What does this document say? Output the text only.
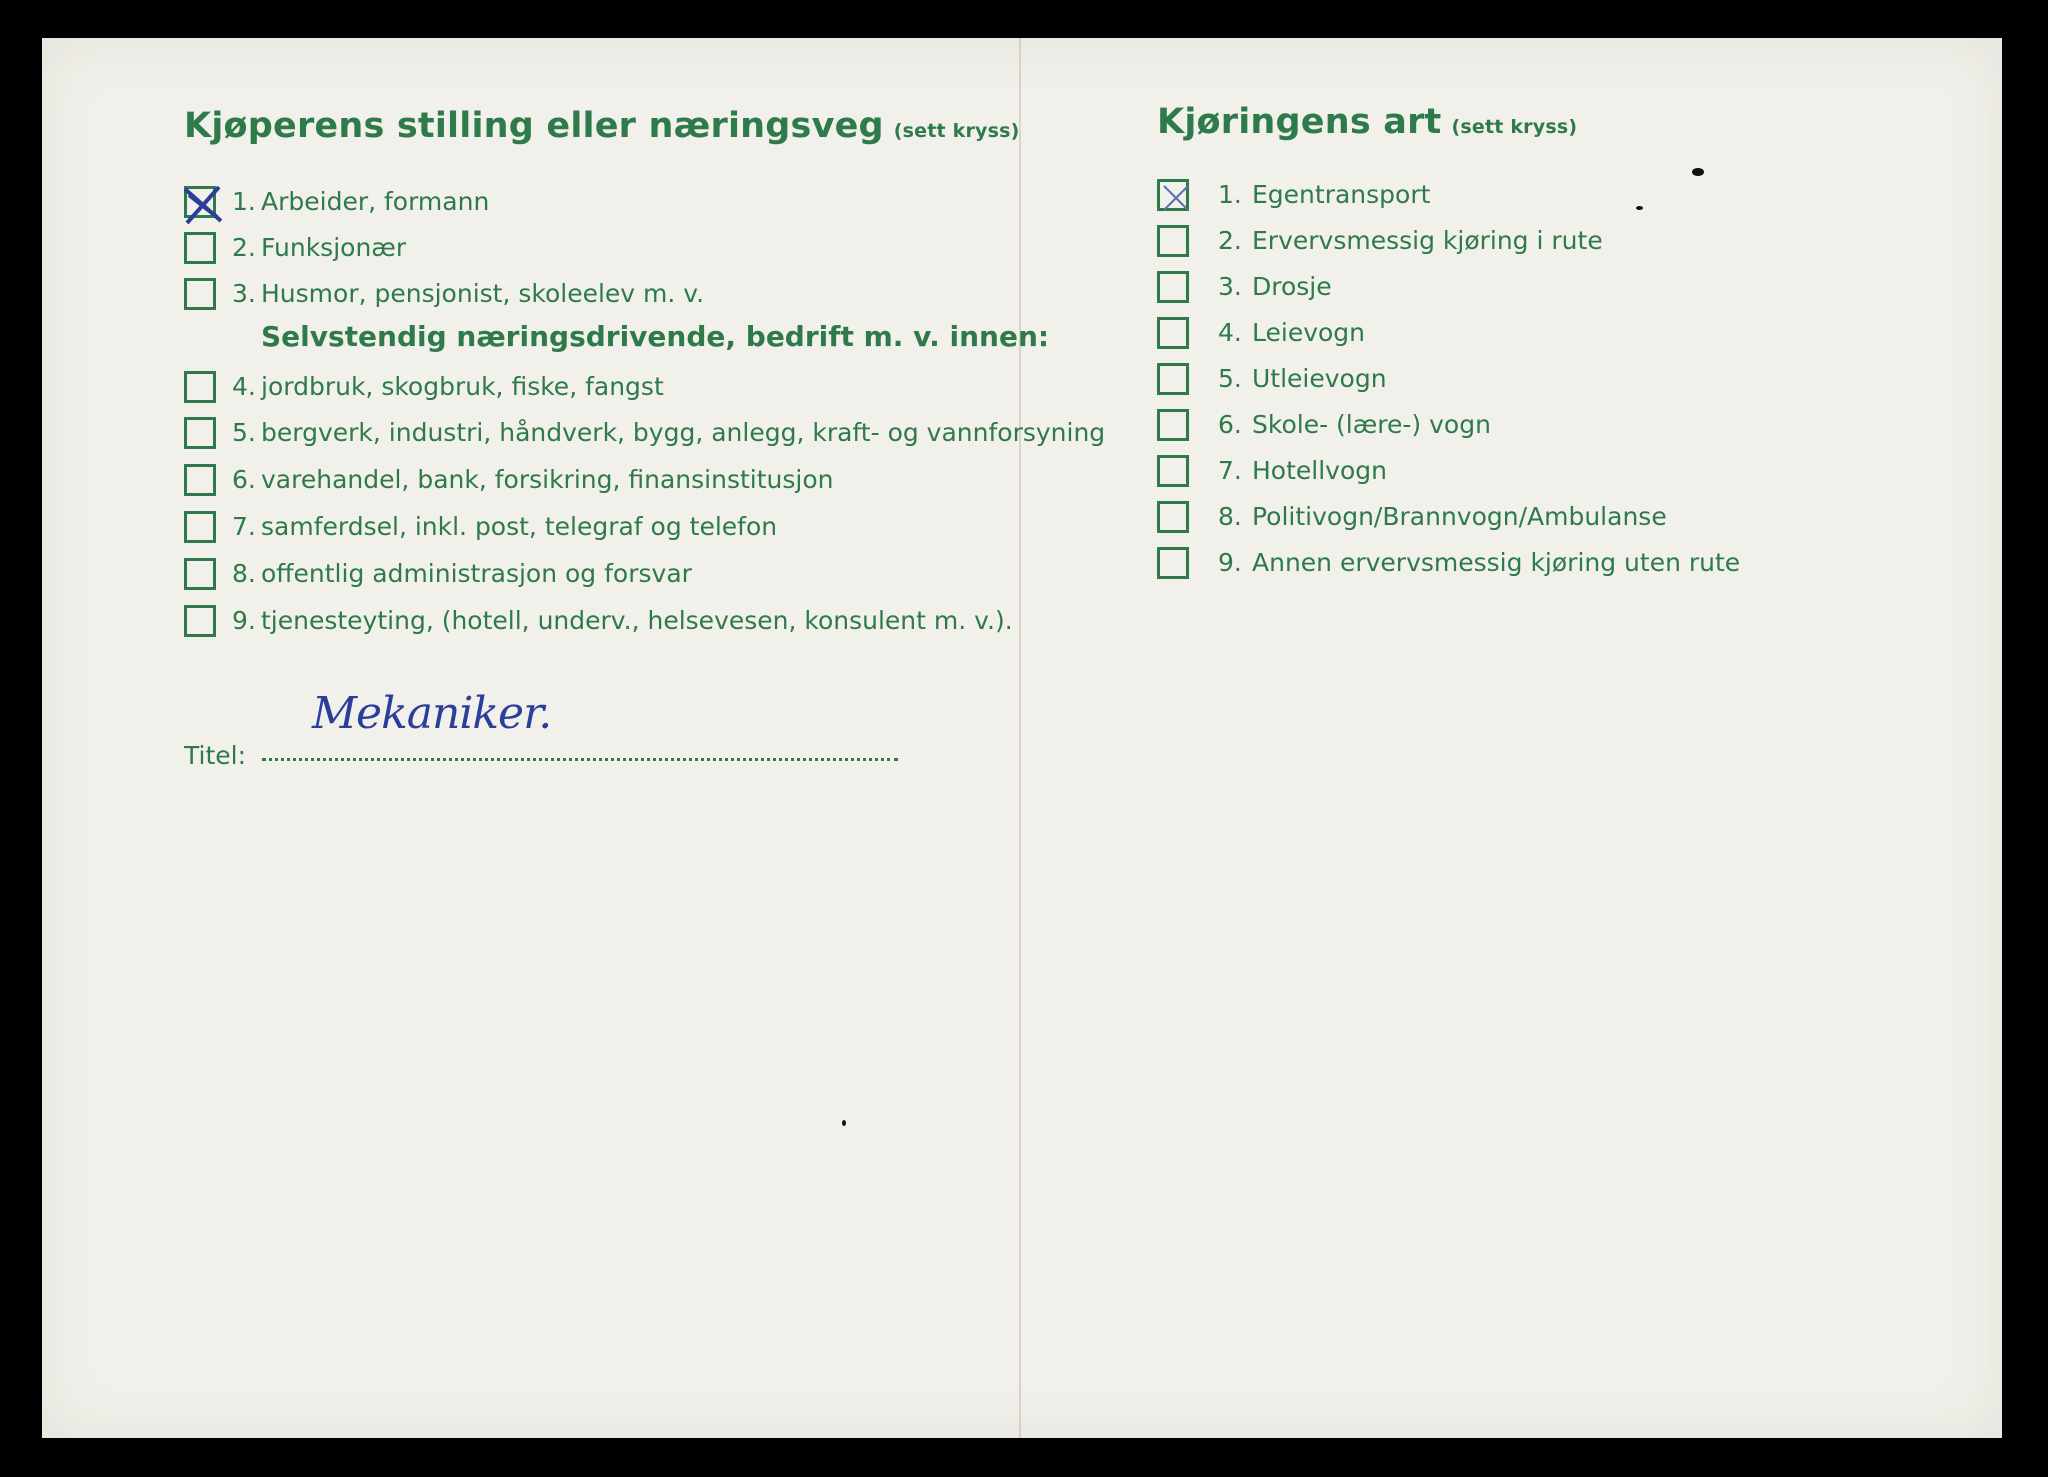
Kjøperens stilling eller næringsveg (sett kryss)
1. Arbeider, formann
2. Funksjonær
3. Husmor, pensjonist, skoleelev m. v.
Selvstendig næringsdrivende, bedrift m. v. innen:
4. jordbruk, skogbruk, fiske, fangst
5. bergverk, industri, håndverk, bygg, anlegg, kraft- og vannforsyning
6. varehandel, bank, forsikring, finansinstitusjon
7. samferdsel, inkl. post, telegraf og telefon
8. offentlig administrasjon og forsvar
9. tjenesteyting, (hotell, underv., helsevesen, konsulent m. v.).
Titel:
Mekaniker.
Kjøringens art (sett kryss)
1. Egentransport
2. Ervervsmessig kjøring i rute
3. Drosje
4. Leievogn
5. Utleievogn
6. Skole- (lære-) vogn
7. Hotellvogn
8. Politivogn/Brannvogn/Ambulanse
9. Annen ervervsmessig kjøring uten rute
